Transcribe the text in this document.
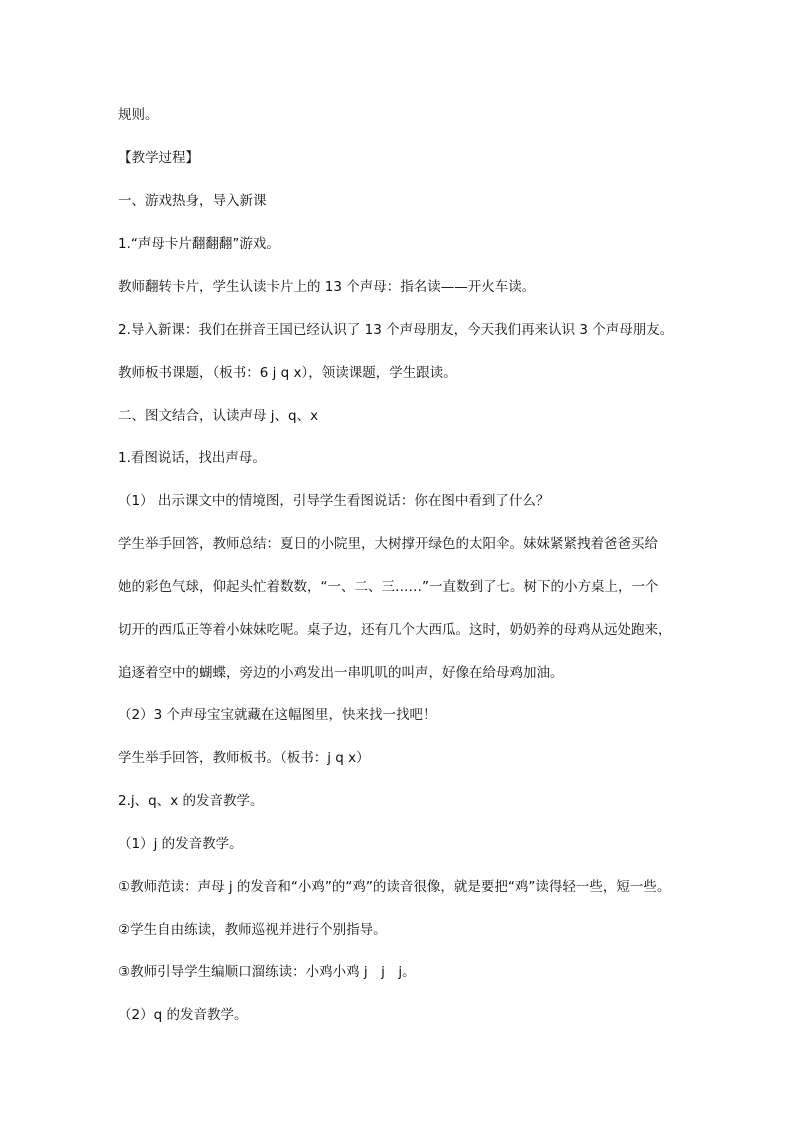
规则。
【教学过程】
一、游戏热身，导入新课
1.“声母卡片翻翻翻”游戏。
教师翻转卡片，学生认读卡片上的 13 个声母：指名读——开火车读。
2.导入新课：我们在拼音王国已经认识了 13 个声母朋友，今天我们再来认识 3 个声母朋友。
教师板书课题，（板书：6 j q x），领读课题，学生跟读。
二、图文结合，认读声母 j、q、x
1.看图说话，找出声母。
（1） 出示课文中的情境图，引导学生看图说话：你在图中看到了什么？
学生举手回答，教师总结：夏日的小院里，大树撑开绿色的太阳伞。妹妹紧紧拽着爸爸买给
她的彩色气球，仰起头忙着数数，“一、二、三……”一直数到了七。树下的小方桌上，一个
切开的西瓜正等着小妹妹吃呢。桌子边，还有几个大西瓜。这时，奶奶养的母鸡从远处跑来，
追逐着空中的蝴蝶，旁边的小鸡发出一串叽叽的叫声，好像在给母鸡加油。
（2）3 个声母宝宝就藏在这幅图里，快来找一找吧！
学生举手回答，教师板书。（板书：j q x）
2.j、q、x 的发音教学。
（1）j 的发音教学。
①教师范读：声母 j 的发音和“小鸡”的“鸡”的读音很像，就是要把“鸡”读得轻一些，短一些。
②学生自由练读，教师巡视并进行个别指导。
③教师引导学生编顺口溜练读：小鸡小鸡 j　j　j。
（2）q 的发音教学。
